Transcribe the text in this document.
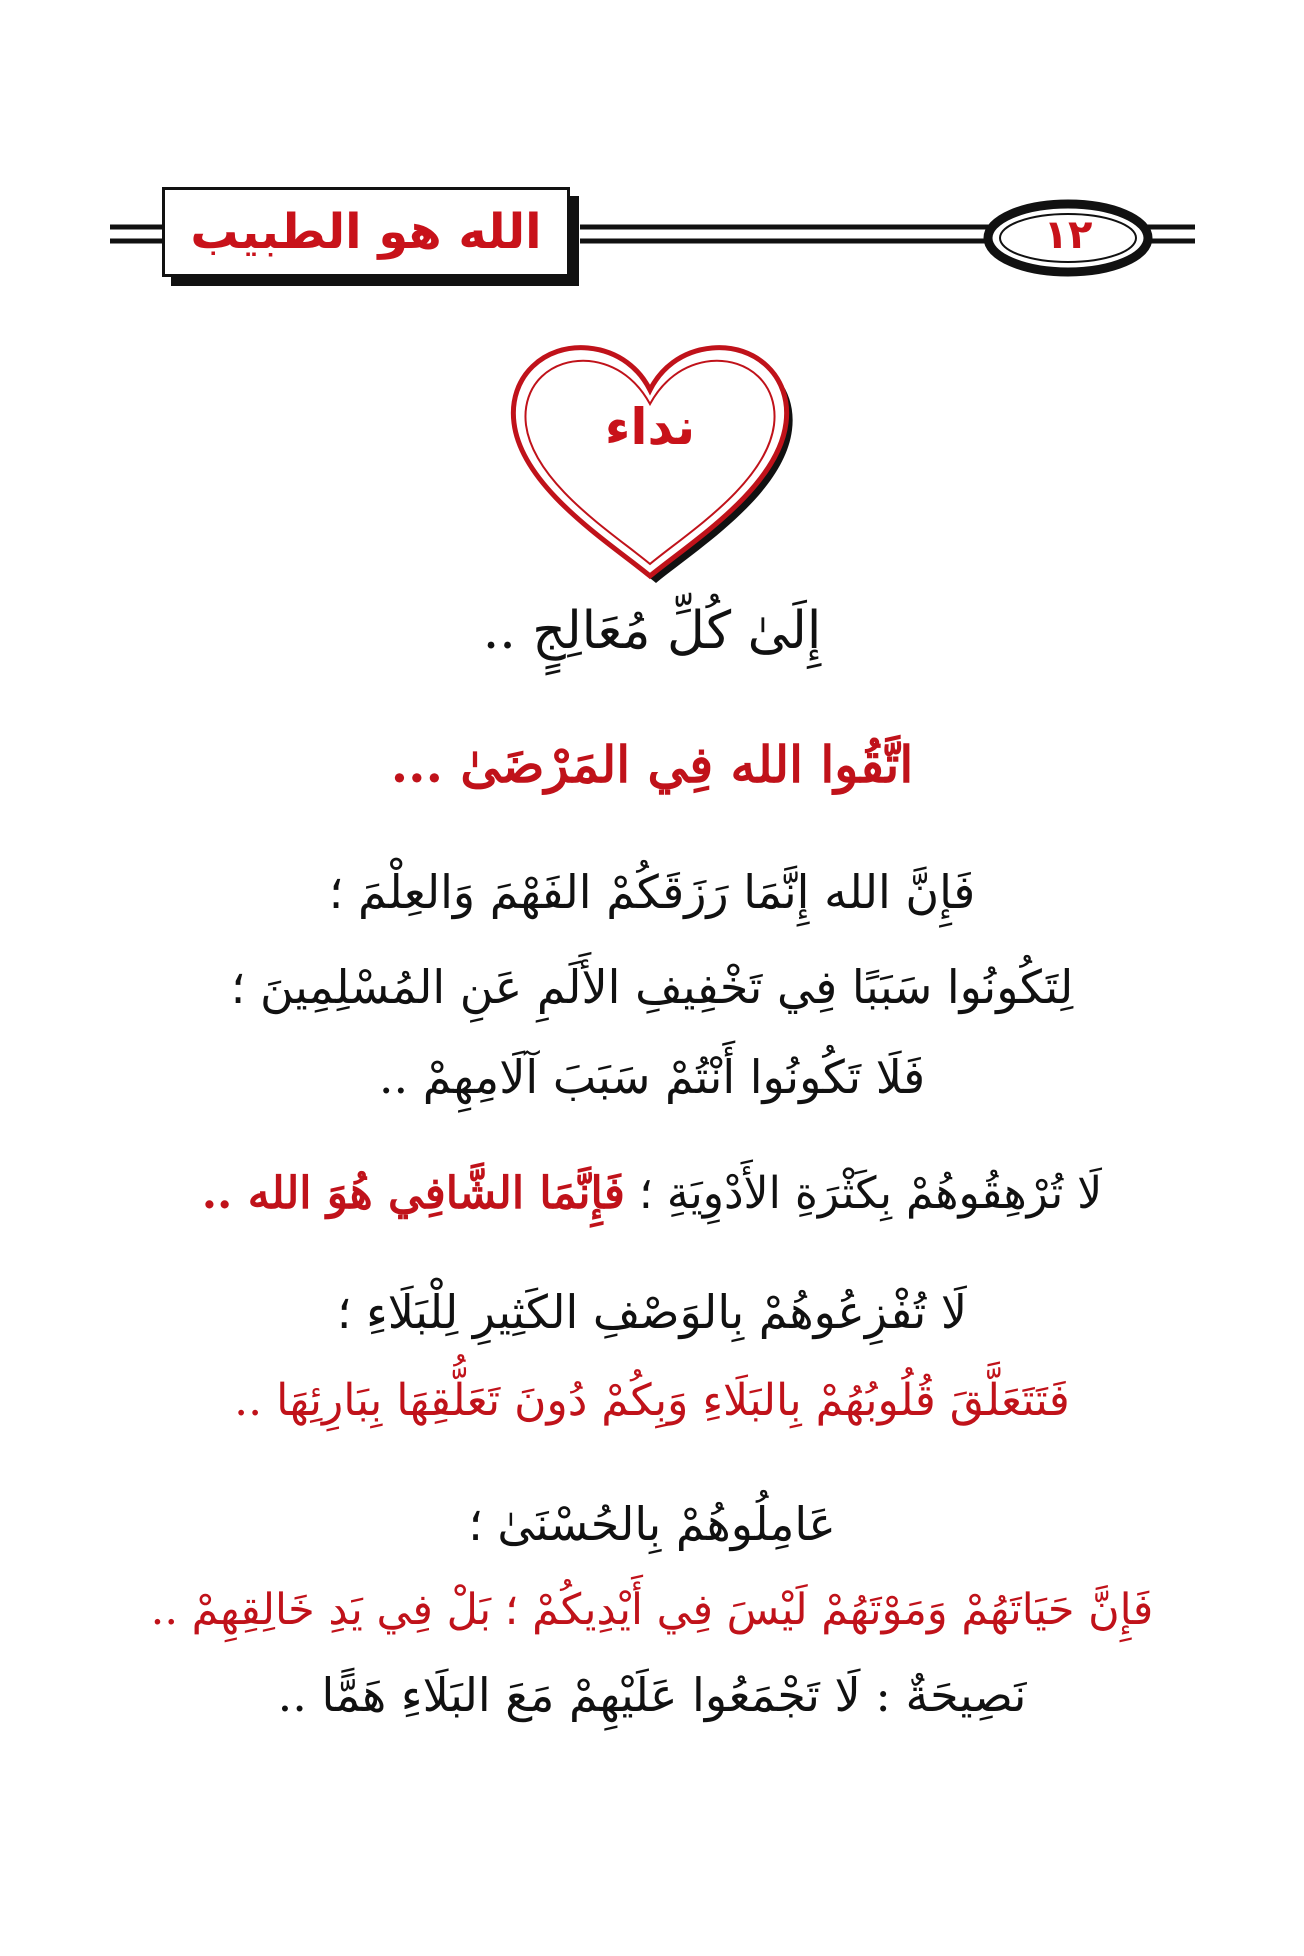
الله هو الطبيب	١٢
نداء
إِلَىٰ كُلِّ مُعَالِجٍ ..
اتَّقُوا الله فِي المَرْضَىٰ ...
فَإِنَّ الله إِنَّمَا رَزَقَكُمْ الفَهْمَ وَالعِلْمَ ؛
لِتَكُونُوا سَبَبًا فِي تَخْفِيفِ الأَلَمِ عَنِ المُسْلِمِينَ ؛
فَلَا تَكُونُوا أَنْتُمْ سَبَبَ آلَامِهِمْ ..
لَا تُرْهِقُوهُمْ بِكَثْرَةِ الأَدْوِيَةِ ؛ فَإِنَّمَا الشَّافِي هُوَ الله ..
لَا تُفْزِعُوهُمْ بِالوَصْفِ الكَثِيرِ لِلْبَلَاءِ ؛
فَتَتَعَلَّقَ قُلُوبُهُمْ بِالبَلَاءِ وَبِكُمْ دُونَ تَعَلُّقِهَا بِبَارِئِهَا ..
عَامِلُوهُمْ بِالحُسْنَىٰ ؛
فَإِنَّ حَيَاتَهُمْ وَمَوْتَهُمْ لَيْسَ فِي أَيْدِيكُمْ ؛ بَلْ فِي يَدِ خَالِقِهِمْ ..
نَصِيحَةٌ : لَا تَجْمَعُوا عَلَيْهِمْ مَعَ البَلَاءِ هَمًّا ..
